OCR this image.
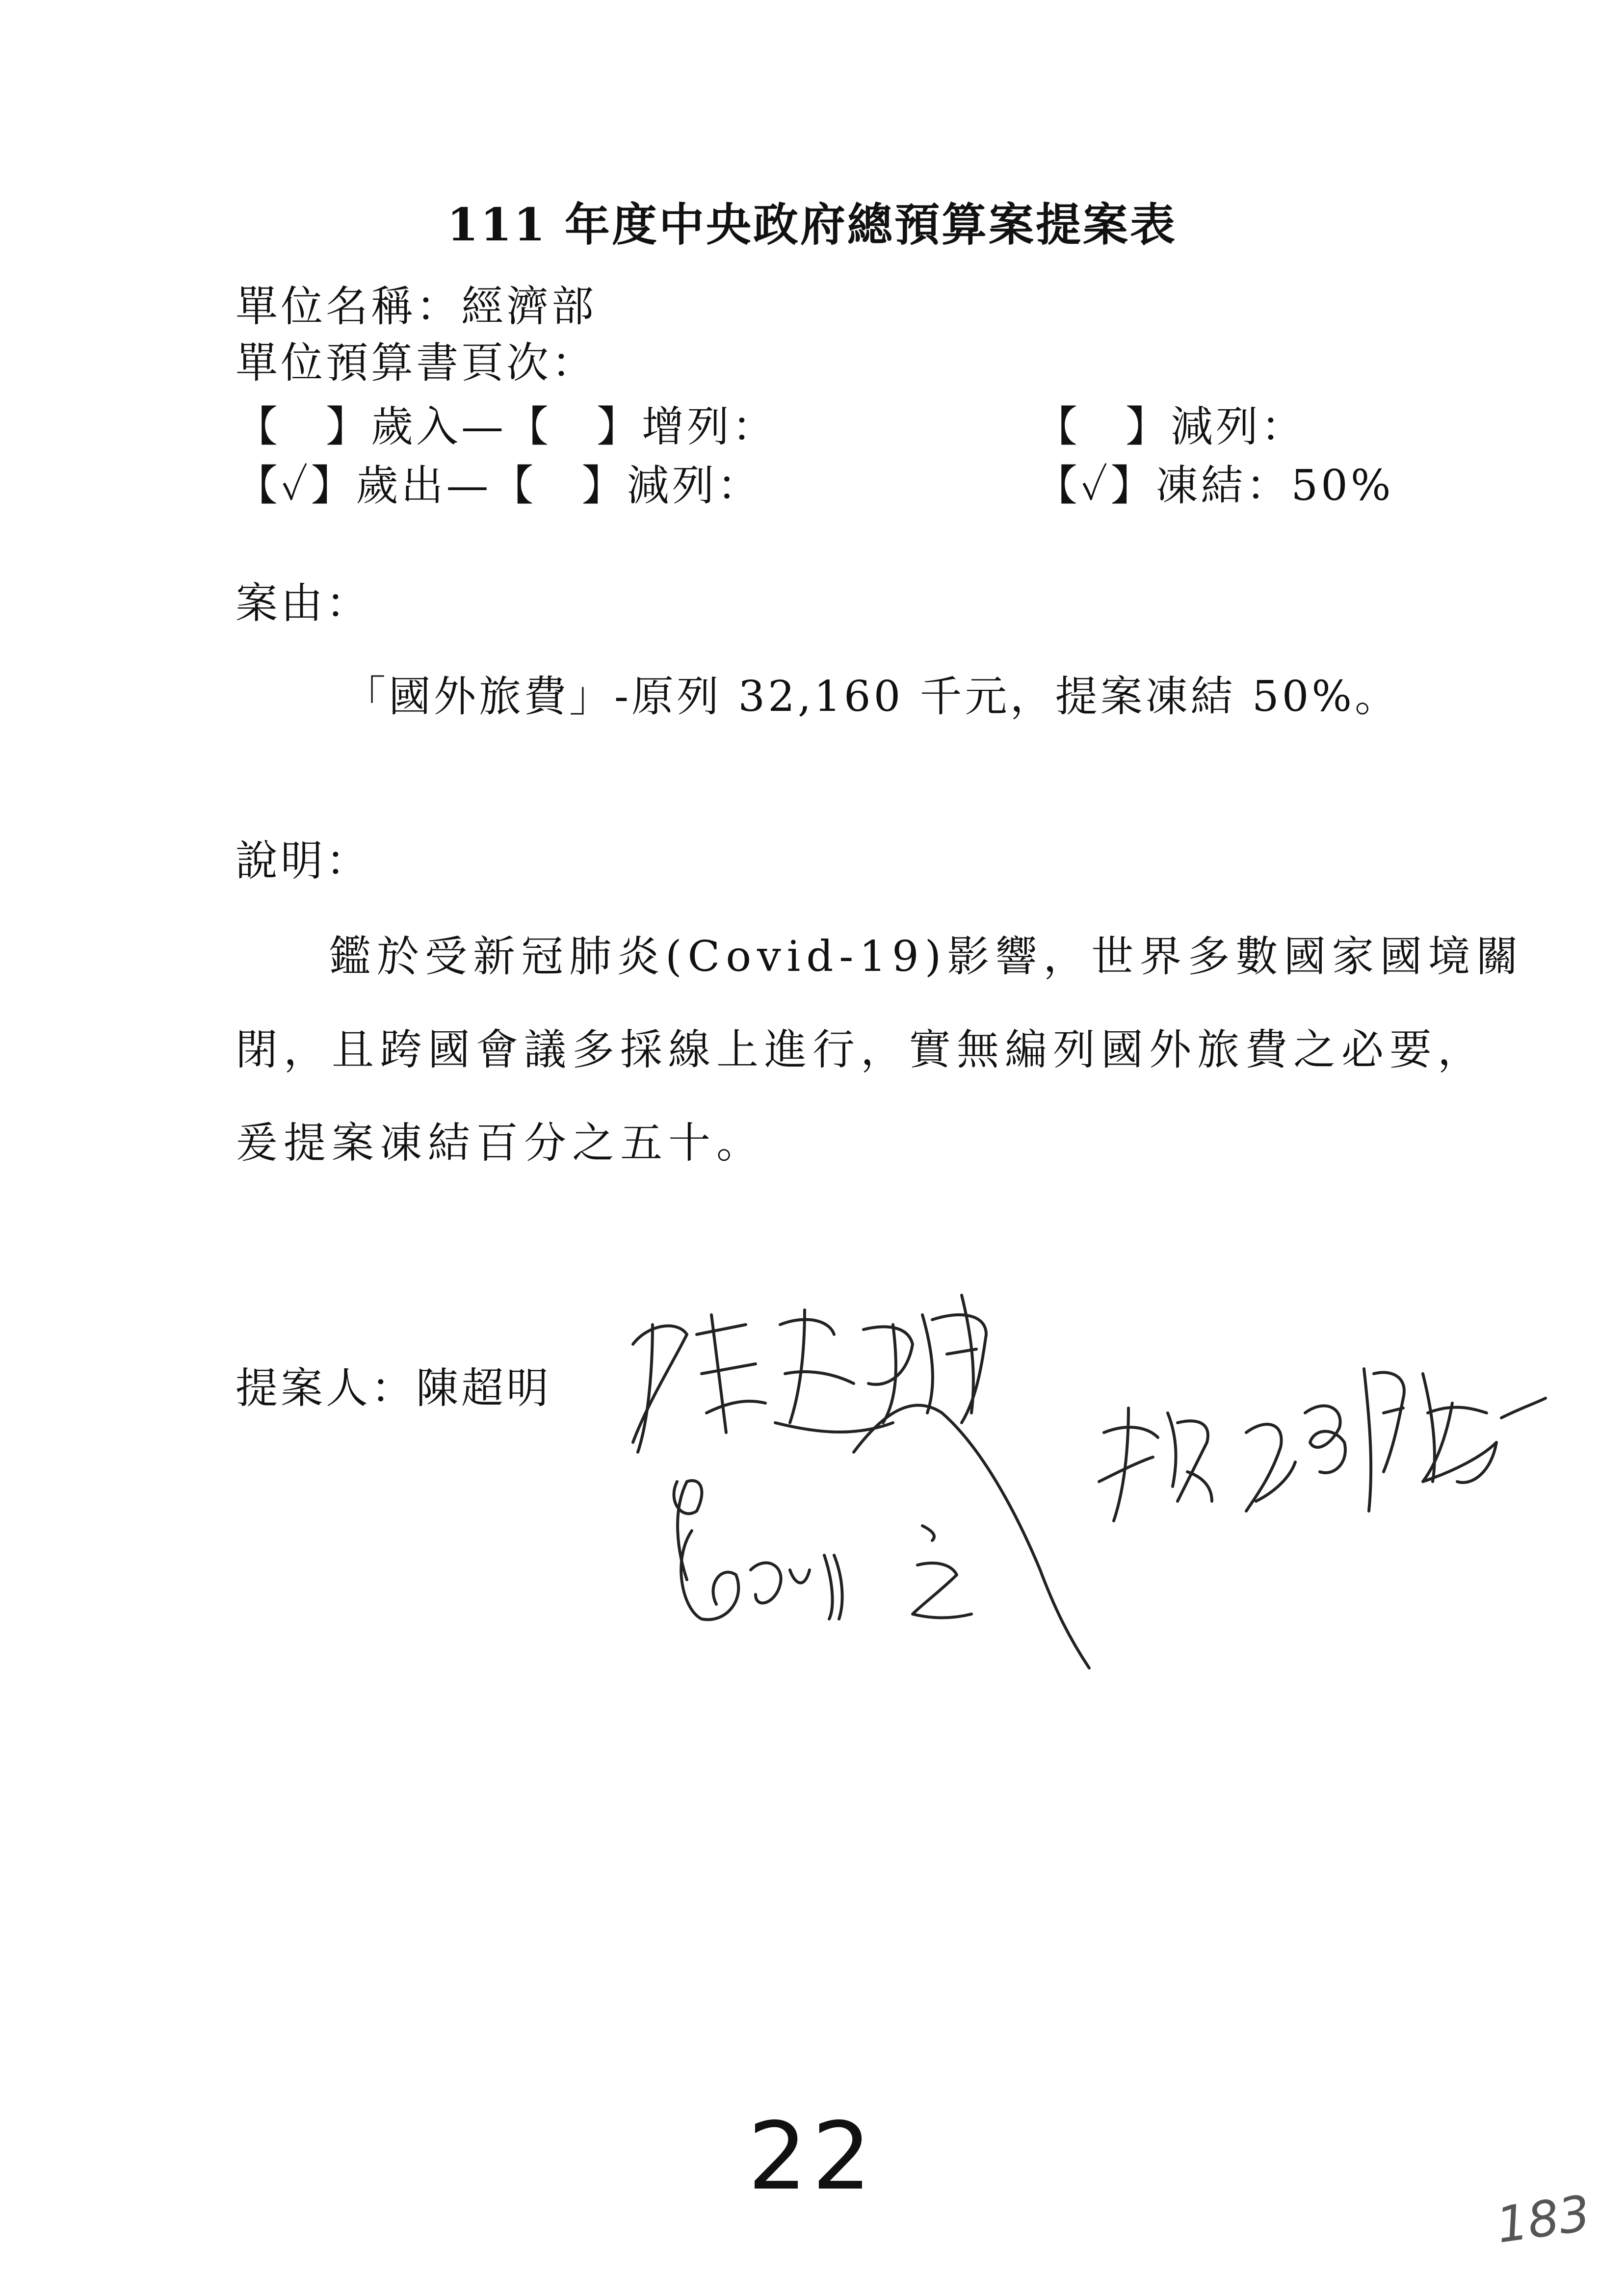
111 年度中央政府總預算案提案表
單位名稱：經濟部
單位預算書頁次：
【　】歲入—【　】增列：	【　】減列：
【✓】歲出—【　】減列：	【✓】凍結：50%
案由：
「國外旅費」-原列 32,160 千元，提案凍結 50%。
說明：
鑑於受新冠肺炎(Covid-19)影響，世界多數國家國境關
閉，且跨國會議多採線上進行，實無編列國外旅費之必要，
爰提案凍結百分之五十。
提案人：陳超明
22
183
